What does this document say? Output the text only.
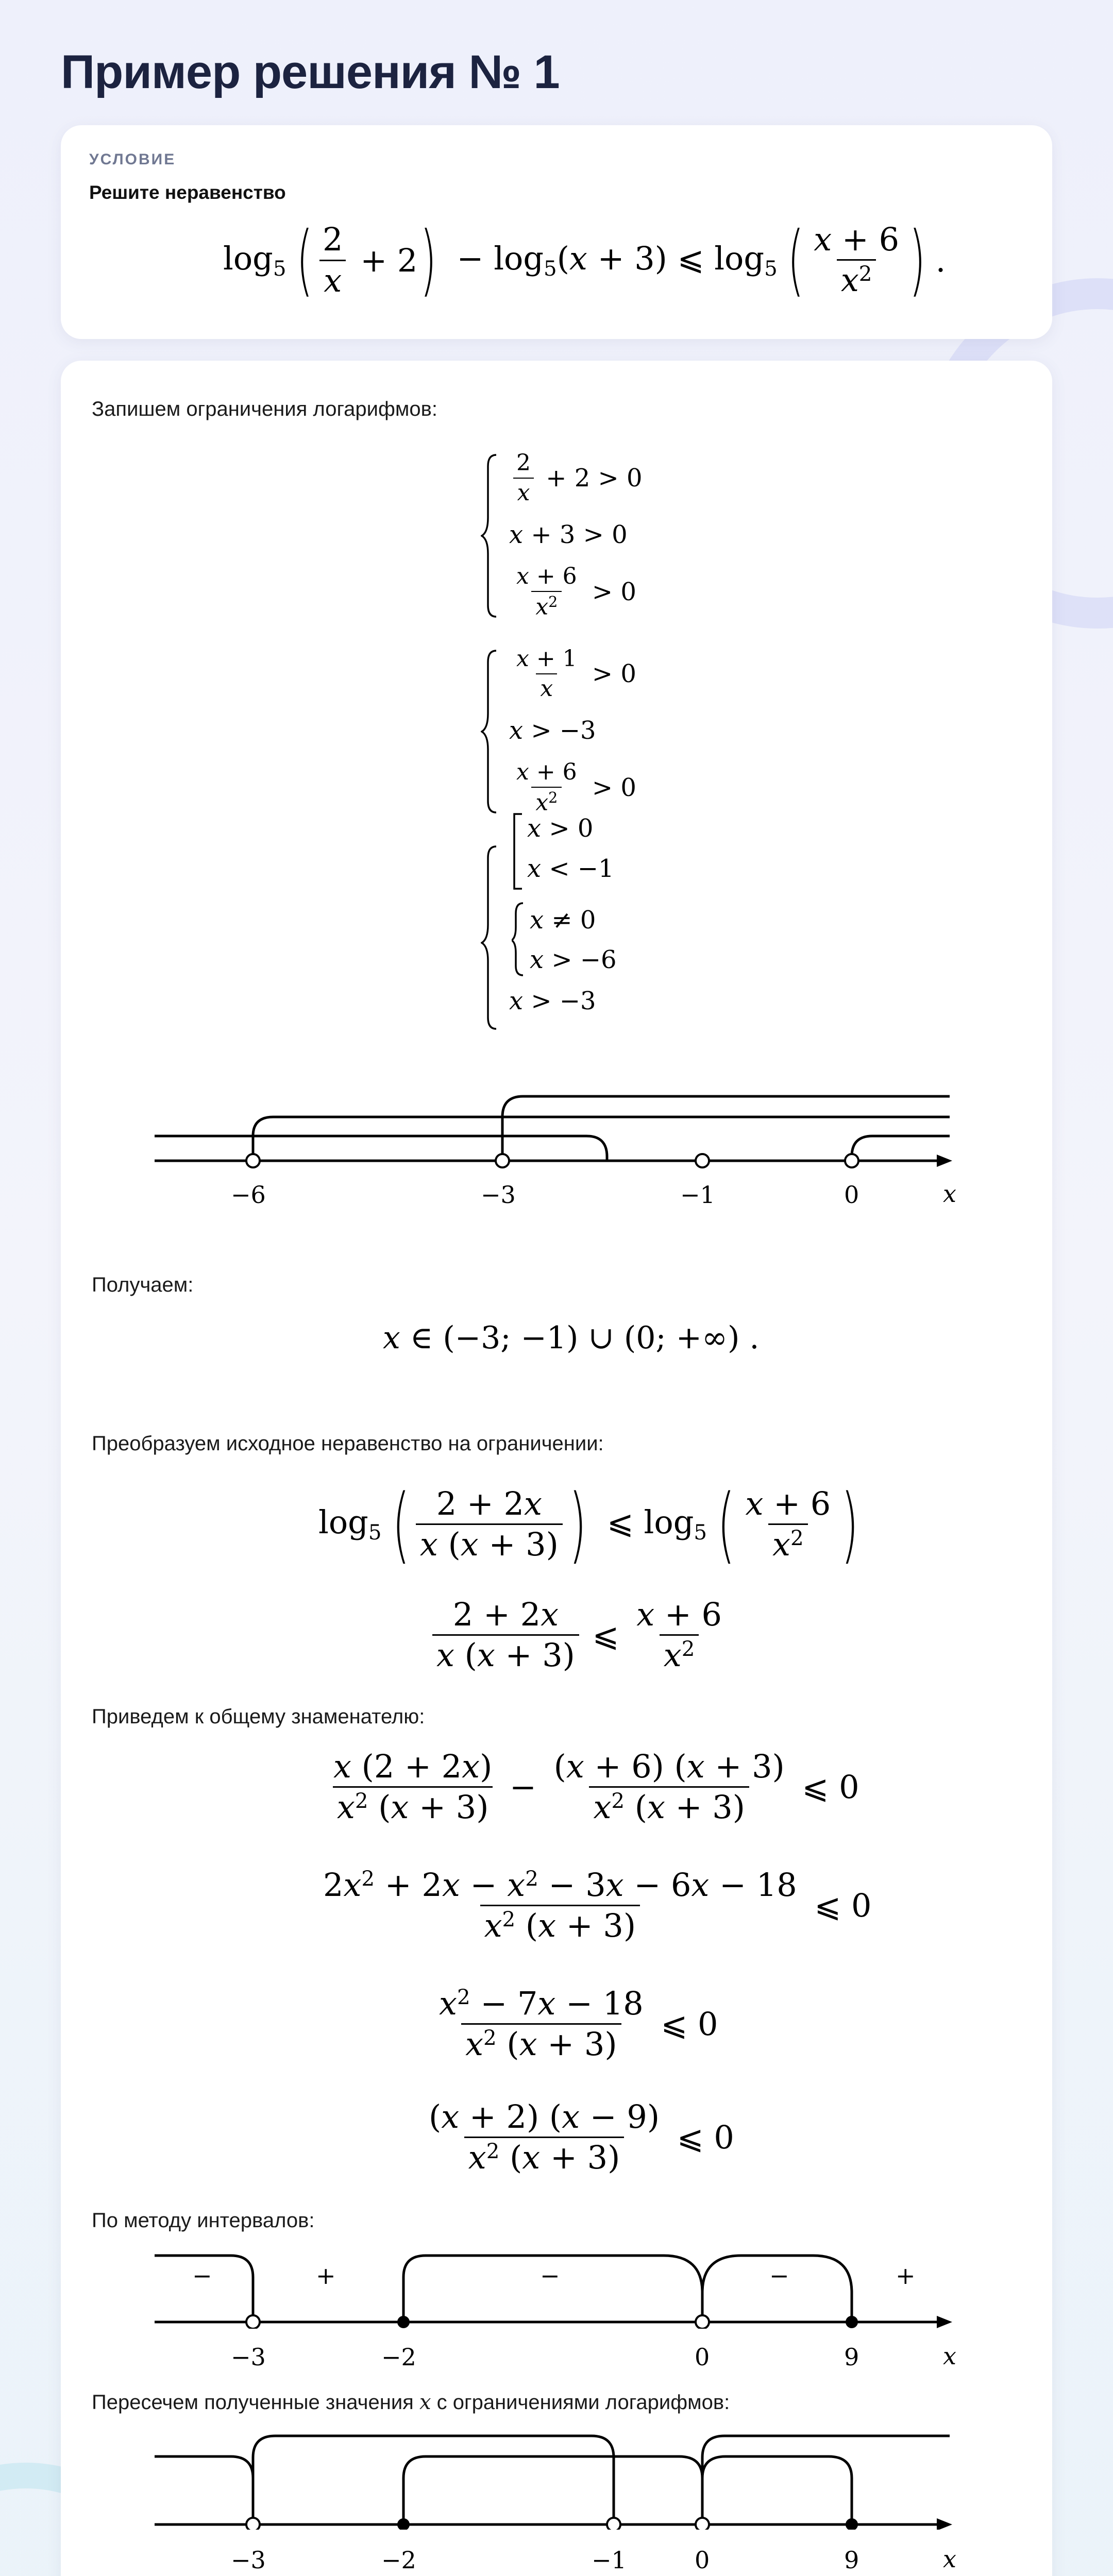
Пример решения № 1
УСЛОВИЕ
Решите неравенство
$\log_5$ ( $\frac{2}{x} + 2$ ) − $\log_5(x + 3)$ ⩽ $\log_5$ ( $\frac{x + 6}{x^2}$ ) .
Запишем ограничения логарифмов:
$\frac{2}{x} + 2 > 0$
x + 3 > 0
$\frac{x + 6}{x^2} > 0$
$\frac{x + 1}{x} > 0$
x > −3
$\frac{x + 6}{x^2} > 0$
x > 0
x < −1
x ≠ 0
x > −6
x > −3
−6	−3	−1	0	x
Получаем:
x ∈ (−3; −1) ∪ (0; +∞) .
Преобразуем исходное неравенство на ограничении:
$\log_5$ ( $\frac{2 + 2x}{x (x + 3)}$ ) ⩽ $\log_5$ ( $\frac{x + 6}{x^2}$ )
$\frac{2 + 2x}{x (x + 3)}$ ⩽ $\frac{x + 6}{x^2}$
Приведем к общему знаменателю:
$\frac{x (2 + 2x)}{x^2 (x + 3)} - \frac{(x + 6) (x + 3)}{x^2 (x + 3)}$ ⩽ 0
$\frac{2x^2 + 2x - x^2 - 3x - 6x - 18}{x^2 (x + 3)}$ ⩽ 0
$\frac{x^2 - 7x - 18}{x^2 (x + 3)}$ ⩽ 0
$\frac{(x + 2) (x - 9)}{x^2 (x + 3)}$ ⩽ 0
По методу интервалов:
−	+	−	−	+
−3	−2	0	9	x
Пересечем полученные значения x с ограничениями логарифмов:
−3	−2	−1	0	9	x
